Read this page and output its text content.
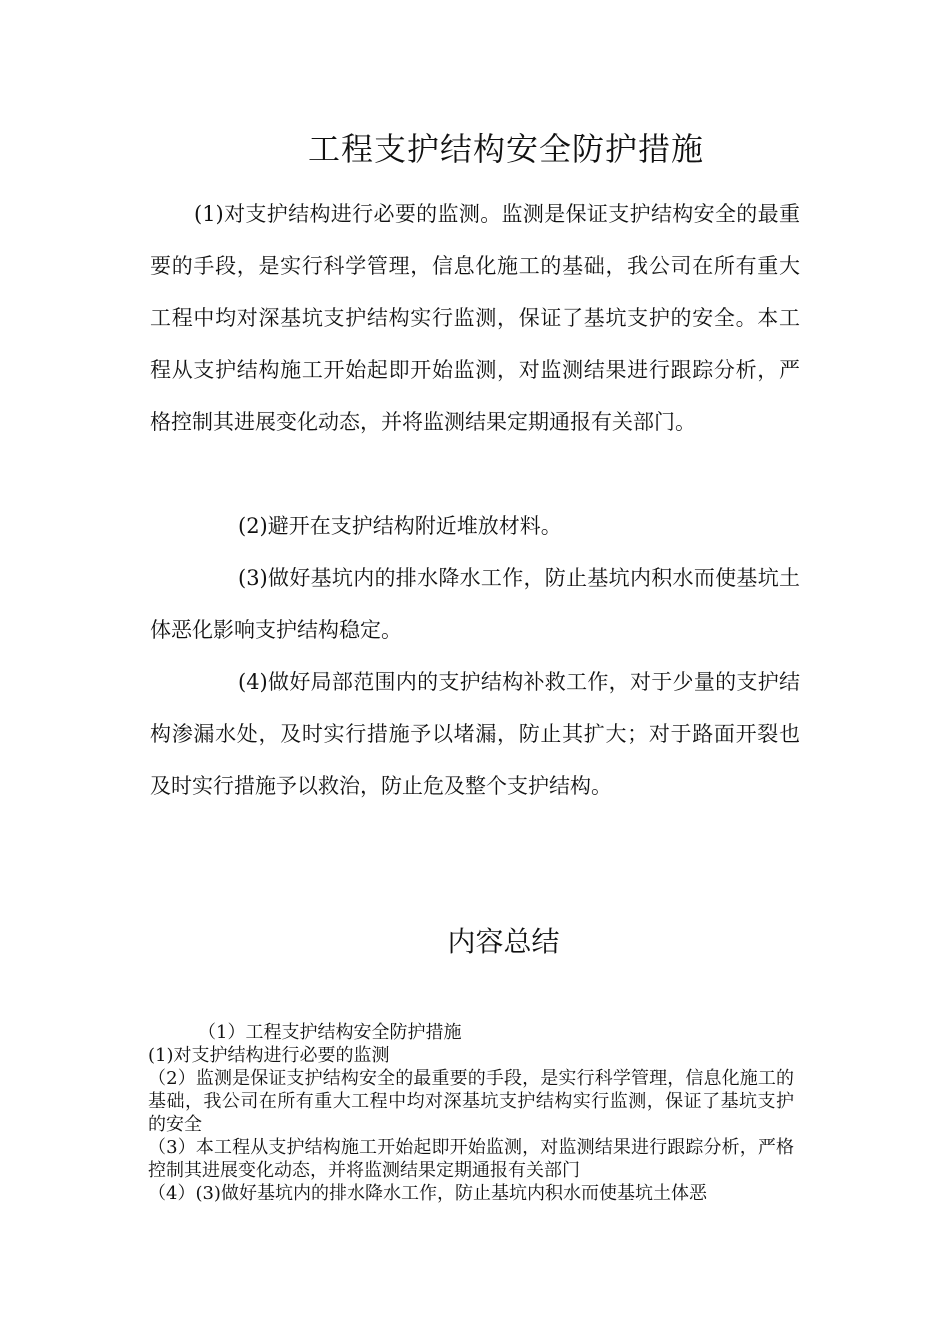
工程支护结构安全防护措施

(1)对支护结构进行必要的监测。监测是保证支护结构安全的最重要的手段，是实行科学管理，信息化施工的基础，我公司在所有重大工程中均对深基坑支护结构实行监测，保证了基坑支护的安全。本工程从支护结构施工开始起即开始监测，对监测结果进行跟踪分析，严格控制其进展变化动态，并将监测结果定期通报有关部门。

(2)避开在支护结构附近堆放材料。

(3)做好基坑内的排水降水工作，防止基坑内积水而使基坑土体恶化影响支护结构稳定。

(4)做好局部范围内的支护结构补救工作，对于少量的支护结构渗漏水处，及时实行措施予以堵漏，防止其扩大；对于路面开裂也及时实行措施予以救治，防止危及整个支护结构。

内容总结

（1）工程支护结构安全防护措施

(1)对支护结构进行必要的监测

（2）监测是保证支护结构安全的最重要的手段，是实行科学管理，信息化施工的基础，我公司在所有重大工程中均对深基坑支护结构实行监测，保证了基坑支护的安全

（3）本工程从支护结构施工开始起即开始监测，对监测结果进行跟踪分析，严格控制其进展变化动态，并将监测结果定期通报有关部门

（4）(3)做好基坑内的排水降水工作，防止基坑内积水而使基坑土体恶
